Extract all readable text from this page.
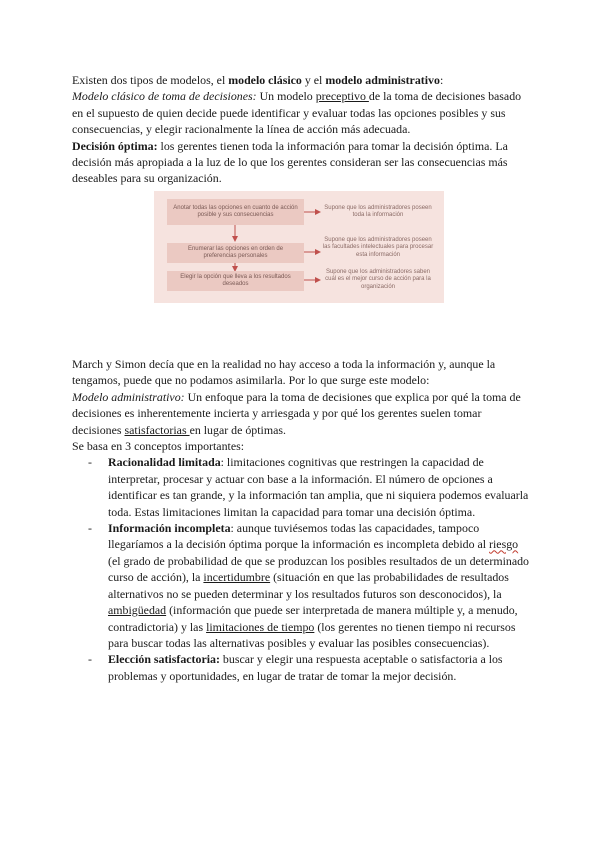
Existen dos tipos de modelos, el modelo clásico y el modelo administrativo:

Modelo clásico de toma de decisiones: Un modelo preceptivo de la toma de decisiones basado en el supuesto de quien decide puede identificar y evaluar todas las opciones posibles y sus consecuencias, y elegir racionalmente la línea de acción más adecuada.

Decisión óptima: los gerentes tienen toda la información para tomar la decisión óptima. La decisión más apropiada a la luz de lo que los gerentes consideran ser las consecuencias más deseables para su organización.

Anotar todas las opciones en cuanto de acción posible y sus consecuencias
Enumerar las opciones en orden de preferencias personales
Elegir la opción que lleva a los resultados deseados
Supone que los administradores poseen toda la información
Supone que los administradores poseen las facultades intelectuales para procesar esta información
Supone que los administradores saben cuál es el mejor curso de acción para la organización

March y Simon decía que en la realidad no hay acceso a toda la información y, aunque la tengamos, puede que no podamos asimilarla. Por lo que surge este modelo:

Modelo administrativo: Un enfoque para la toma de decisiones que explica por qué la toma de decisiones es inherentemente incierta y arriesgada y por qué los gerentes suelen tomar decisiones satisfactorias en lugar de óptimas.

Se basa en 3 conceptos importantes:

- Racionalidad limitada: limitaciones cognitivas que restringen la capacidad de interpretar, procesar y actuar con base a la información. El número de opciones a identificar es tan grande, y la información tan amplia, que ni siquiera podemos evaluarla toda. Estas limitaciones limitan la capacidad para tomar una decisión óptima.
- Información incompleta: aunque tuviésemos todas las capacidades, tampoco llegaríamos a la decisión óptima porque la información es incompleta debido al riesgo (el grado de probabilidad de que se produzcan los posibles resultados de un determinado curso de acción), la incertidumbre (situación en que las probabilidades de resultados alternativos no se pueden determinar y los resultados futuros son desconocidos), la ambigüedad (información que puede ser interpretada de manera múltiple y, a menudo, contradictoria) y las limitaciones de tiempo (los gerentes no tienen tiempo ni recursos para buscar todas las alternativas posibles y evaluar las posibles consecuencias).
- Elección satisfactoria: buscar y elegir una respuesta aceptable o satisfactoria a los problemas y oportunidades, en lugar de tratar de tomar la mejor decisión.
